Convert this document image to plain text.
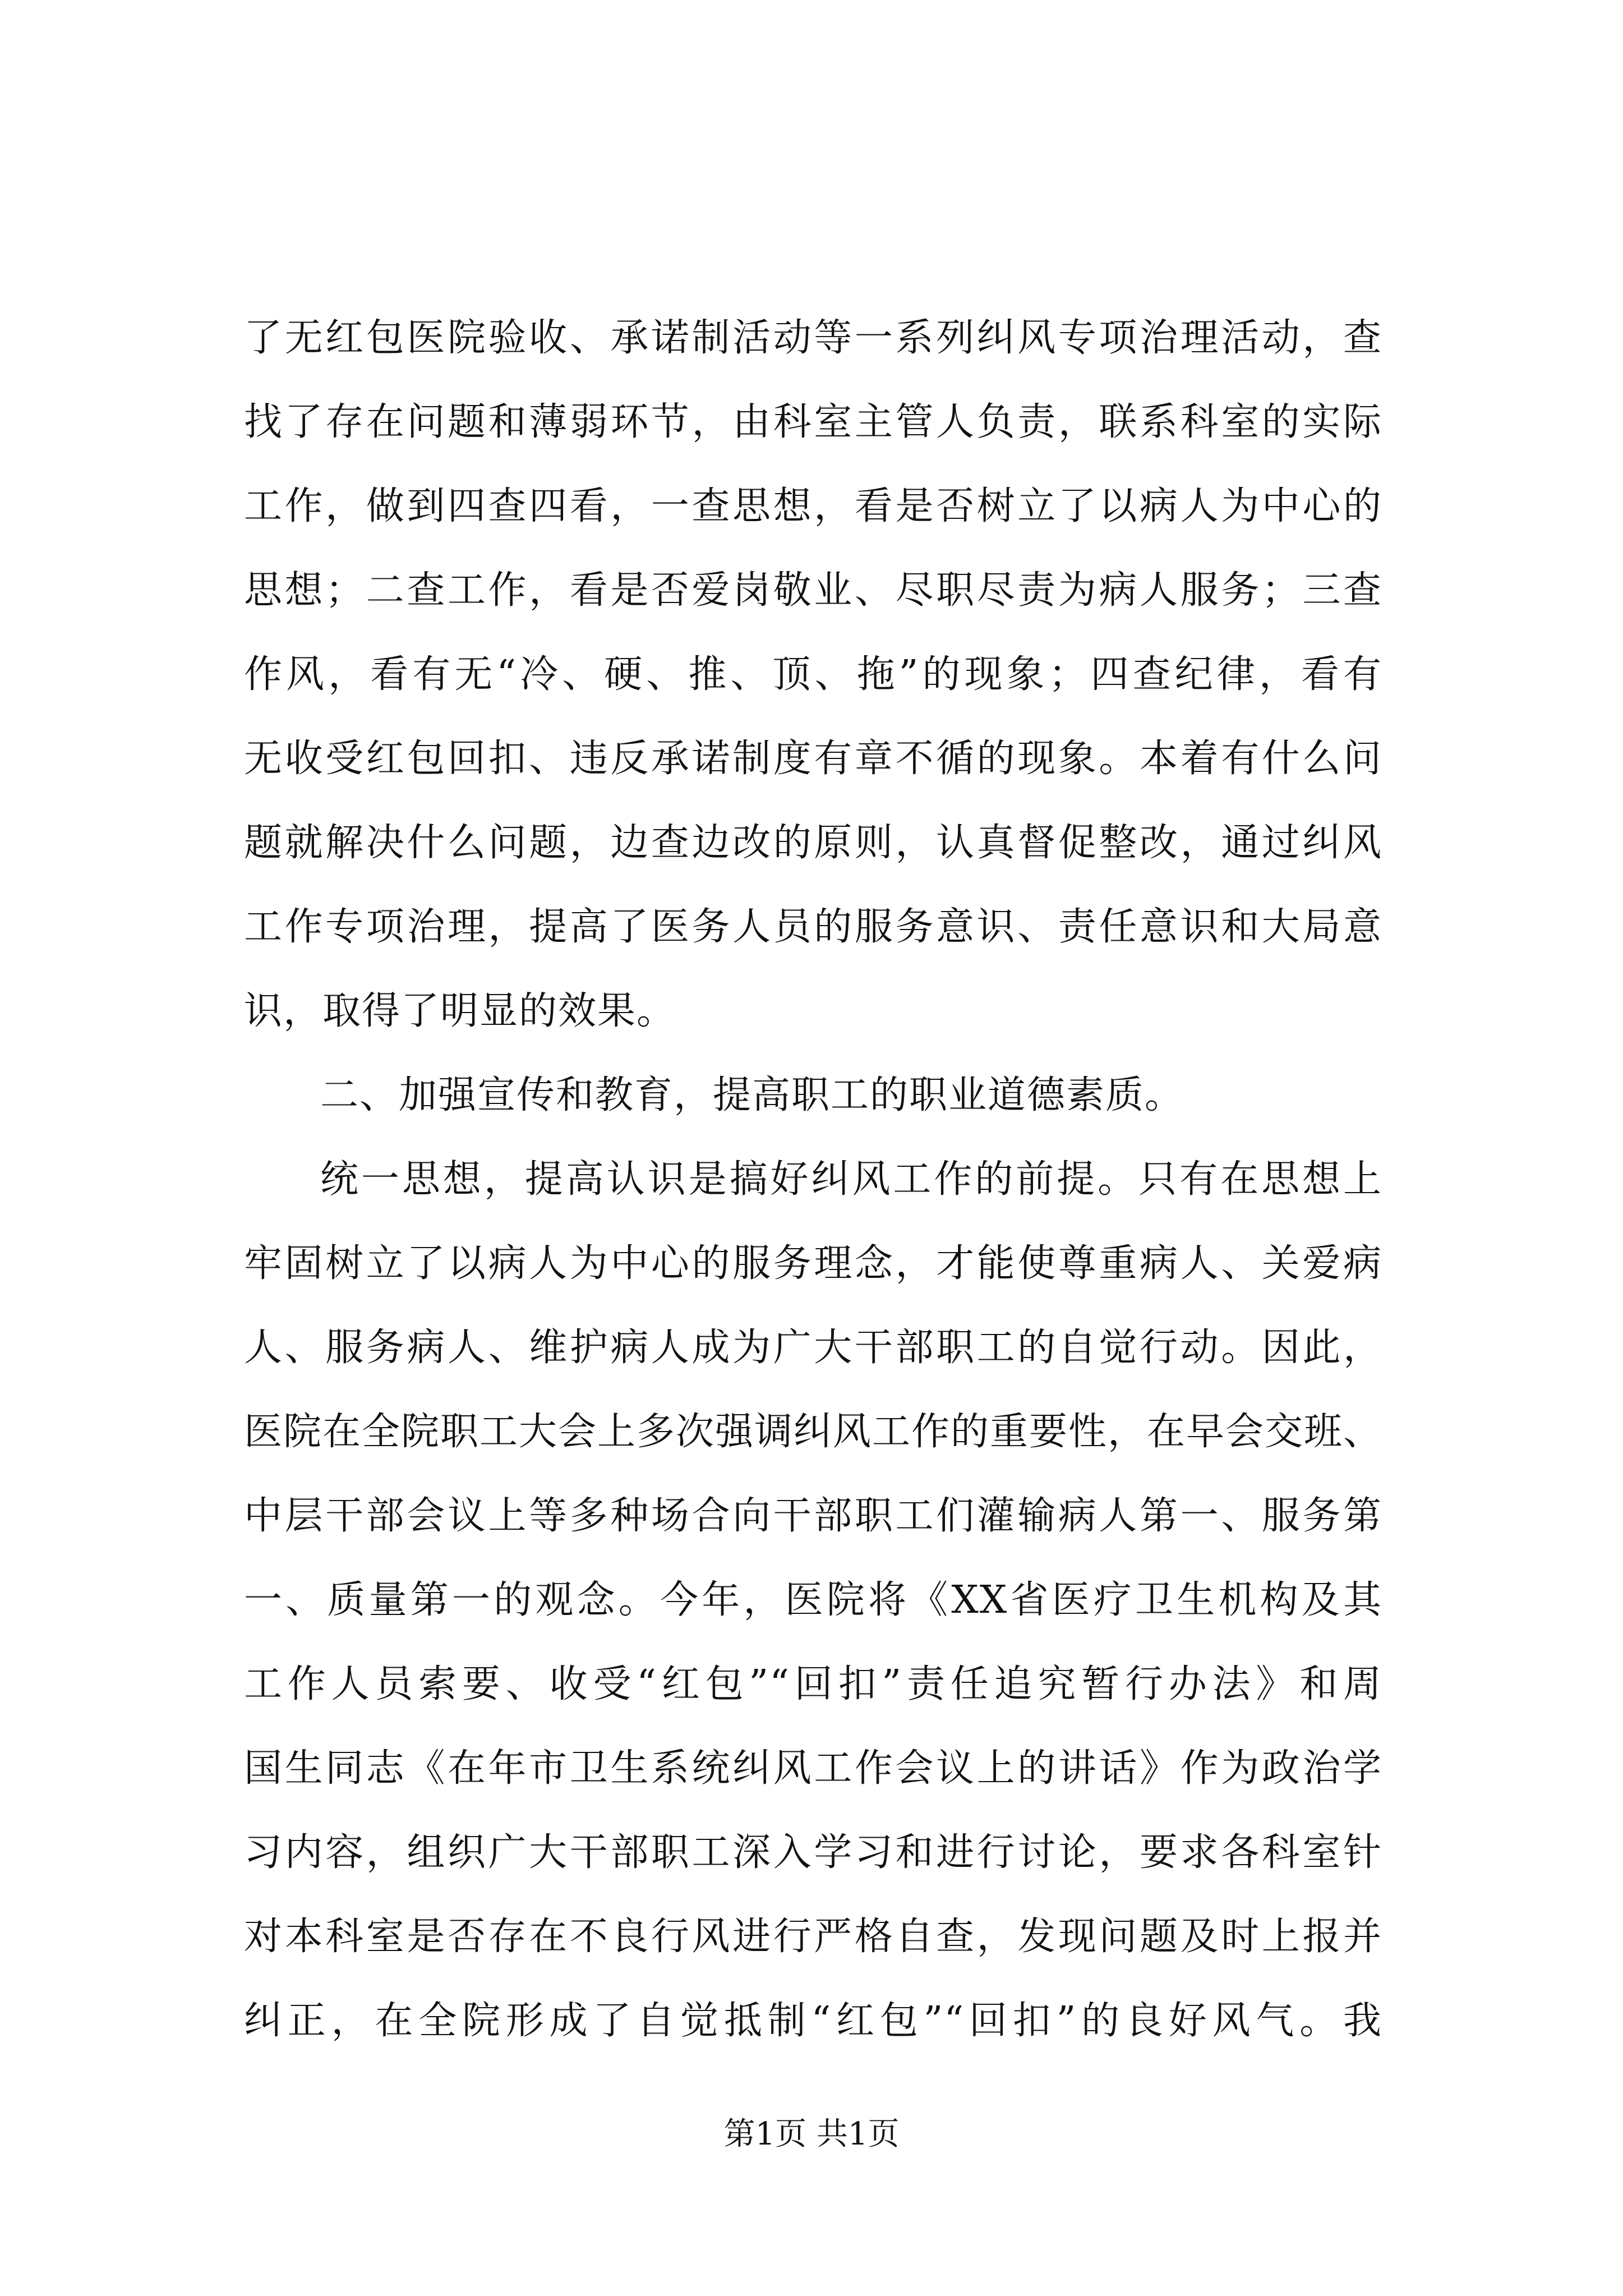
了无红包医院验收、承诺制活动等一系列纠风专项治理活动，查
找了存在问题和薄弱环节，由科室主管人负责，联系科室的实际
工作，做到四查四看，一查思想，看是否树立了以病人为中心的
思想；二查工作，看是否爱岗敬业、尽职尽责为病人服务；三查
作风，看有无“冷、硬、推、顶、拖”的现象；四查纪律，看有
无收受红包回扣、违反承诺制度有章不循的现象。本着有什么问
题就解决什么问题，边查边改的原则，认真督促整改，通过纠风
工作专项治理，提高了医务人员的服务意识、责任意识和大局意
识，取得了明显的效果。
二、加强宣传和教育，提高职工的职业道德素质。
统一思想，提高认识是搞好纠风工作的前提。只有在思想上
牢固树立了以病人为中心的服务理念，才能使尊重病人、关爱病
人、服务病人、维护病人成为广大干部职工的自觉行动。因此，
医院在全院职工大会上多次强调纠风工作的重要性，在早会交班、
中层干部会议上等多种场合向干部职工们灌输病人第一、服务第
一、质量第一的观念。今年，医院将《XX省医疗卫生机构及其
工作人员索要、收受“红包”“回扣”责任追究暂行办法》和周
国生同志《在年市卫生系统纠风工作会议上的讲话》作为政治学
习内容，组织广大干部职工深入学习和进行讨论，要求各科室针
对本科室是否存在不良行风进行严格自查，发现问题及时上报并
纠正，在全院形成了自觉抵制“红包”“回扣”的良好风气。我
第1页 共1页
